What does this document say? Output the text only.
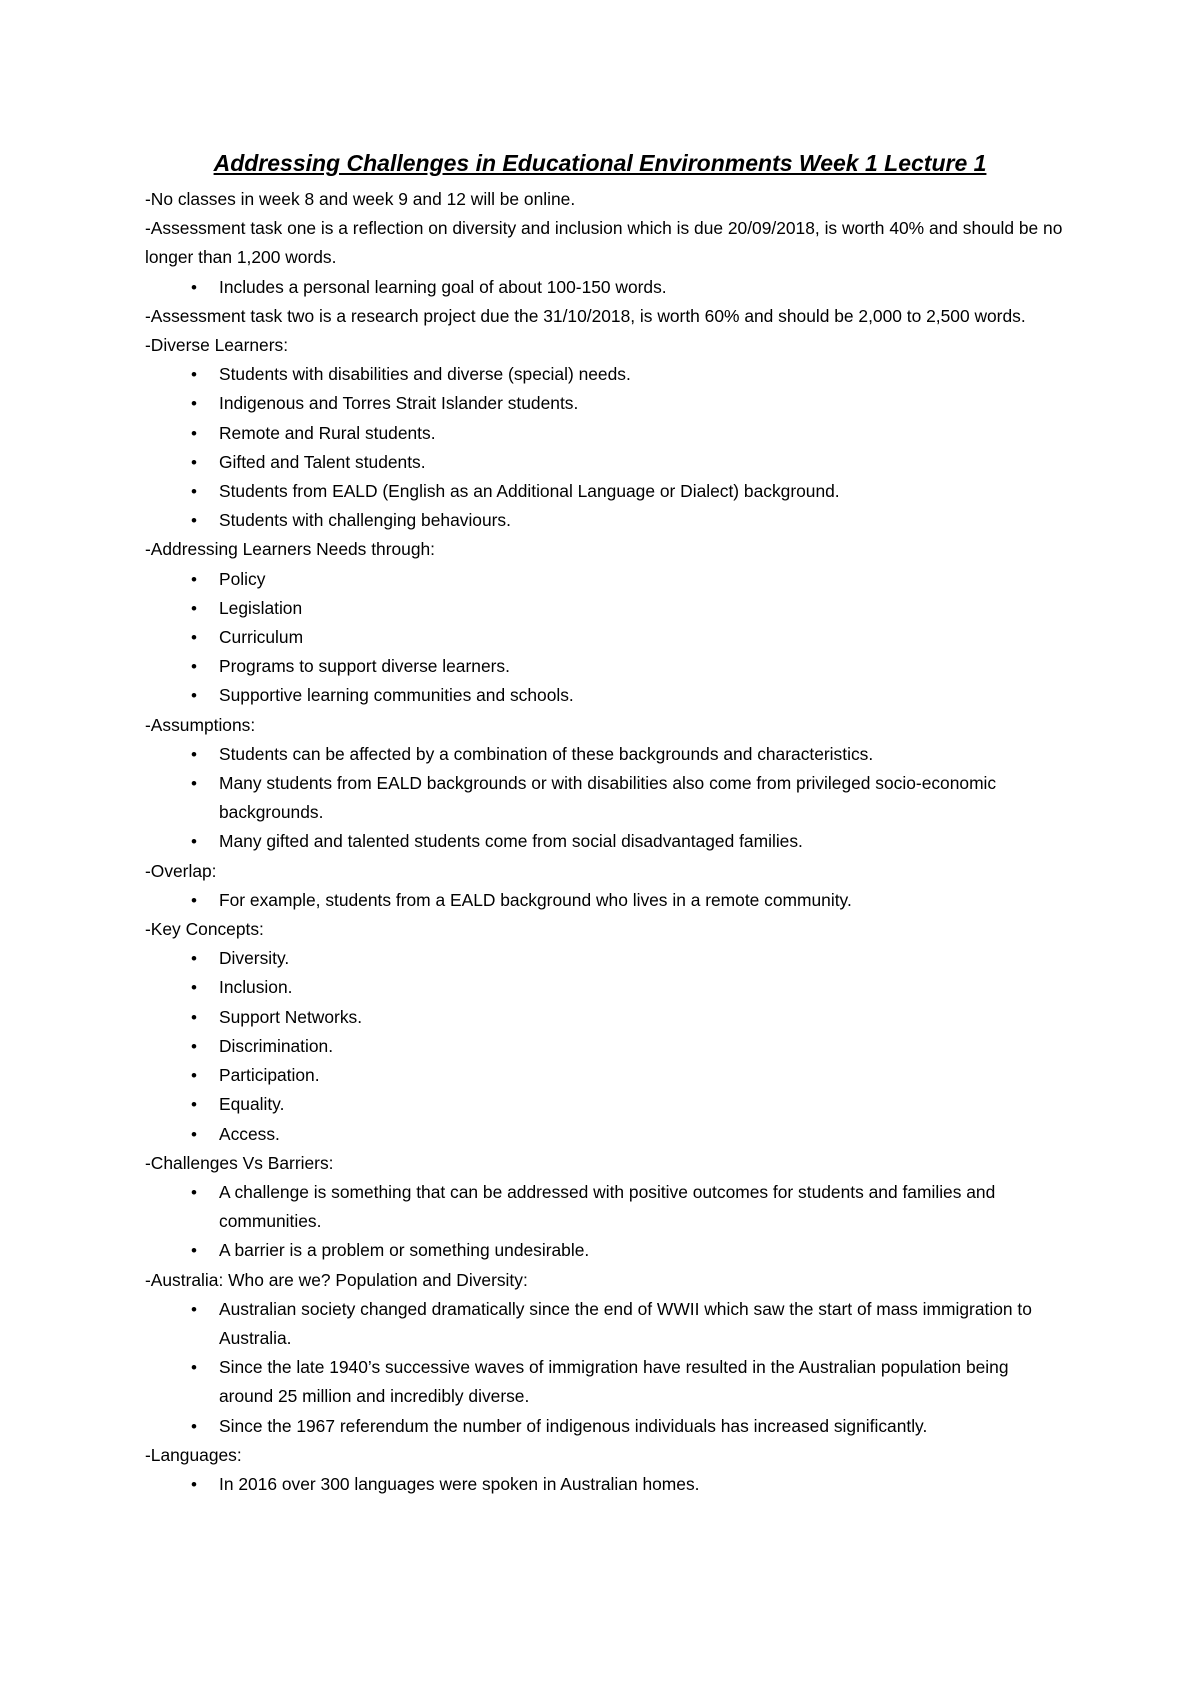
Addressing Challenges in Educational Environments Week 1 Lecture 1

-No classes in week 8 and week 9 and 12 will be online.

-Assessment task one is a reflection on diversity and inclusion which is due 20/09/2018, is worth 40% and should be no longer than 1,200 words.

• Includes a personal learning goal of about 100-150 words.

-Assessment task two is a research project due the 31/10/2018, is worth 60% and should be 2,000 to 2,500 words.

-Diverse Learners:

• Students with disabilities and diverse (special) needs.
• Indigenous and Torres Strait Islander students.
• Remote and Rural students.
• Gifted and Talent students.
• Students from EALD (English as an Additional Language or Dialect) background.
• Students with challenging behaviours.

-Addressing Learners Needs through:

• Policy
• Legislation
• Curriculum
• Programs to support diverse learners.
• Supportive learning communities and schools.

-Assumptions:

• Students can be affected by a combination of these backgrounds and characteristics.
• Many students from EALD backgrounds or with disabilities also come from privileged socio-economic backgrounds.
• Many gifted and talented students come from social disadvantaged families.

-Overlap:

• For example, students from a EALD background who lives in a remote community.

-Key Concepts:

• Diversity.
• Inclusion.
• Support Networks.
• Discrimination.
• Participation.
• Equality.
• Access.

-Challenges Vs Barriers:

• A challenge is something that can be addressed with positive outcomes for students and families and communities.
• A barrier is a problem or something undesirable.

-Australia: Who are we? Population and Diversity:

• Australian society changed dramatically since the end of WWII which saw the start of mass immigration to Australia.
• Since the late 1940’s successive waves of immigration have resulted in the Australian population being around 25 million and incredibly diverse.
• Since the 1967 referendum the number of indigenous individuals has increased significantly.

-Languages:

• In 2016 over 300 languages were spoken in Australian homes.
